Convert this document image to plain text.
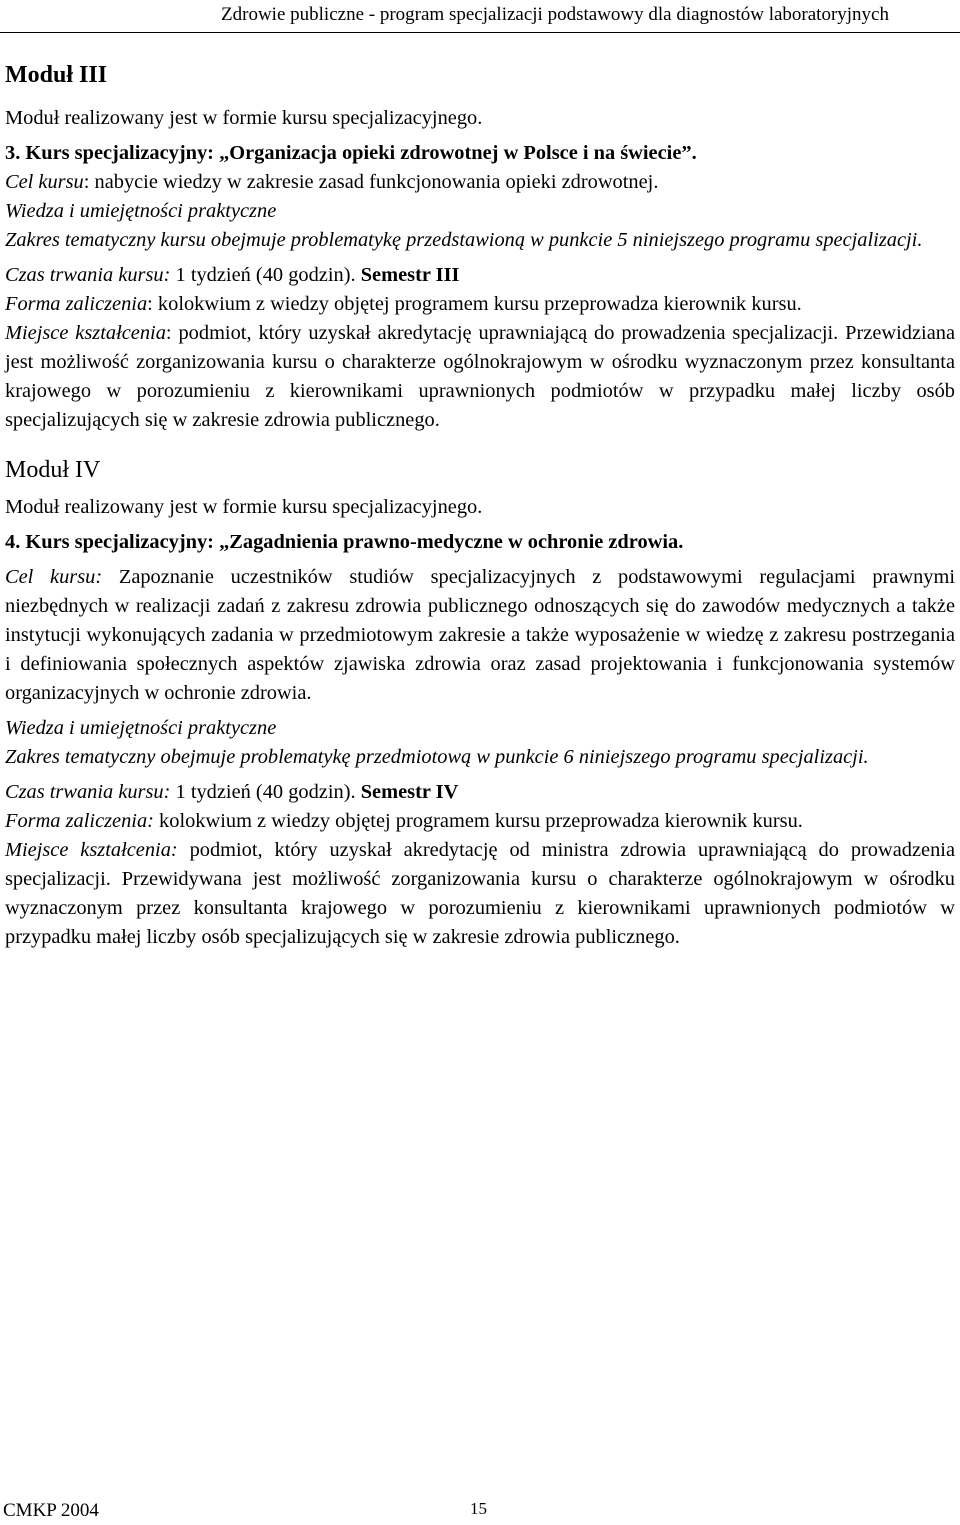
Zdrowie publiczne - program specjalizacji podstawowy dla diagnostów laboratoryjnych
Moduł III

Moduł realizowany jest w formie kursu specjalizacyjnego.

3. Kurs specjalizacyjny: „Organizacja opieki zdrowotnej w Polsce i na świecie”.

Cel kursu: nabycie wiedzy w zakresie zasad funkcjonowania opieki zdrowotnej.

Wiedza i umiejętności praktyczne

Zakres tematyczny kursu obejmuje problematykę przedstawioną w punkcie 5 niniejszego programu specjalizacji.

Czas trwania kursu: 1 tydzień (40 godzin). Semestr III

Forma zaliczenia: kolokwium z wiedzy objętej programem kursu przeprowadza kierownik kursu.

Miejsce kształcenia: podmiot, który uzyskał akredytację uprawniającą do prowadzenia specjalizacji. Przewidziana jest możliwość zorganizowania kursu o charakterze ogólnokrajowym w ośrodku wyznaczonym przez konsultanta krajowego w porozumieniu z kierownikami uprawnionych podmiotów w przypadku małej liczby osób specjalizujących się w zakresie zdrowia publicznego.

Moduł IV

Moduł realizowany jest w formie kursu specjalizacyjnego.

4. Kurs specjalizacyjny: „Zagadnienia prawno-medyczne w ochronie zdrowia.

Cel kursu: Zapoznanie uczestników studiów specjalizacyjnych z podstawowymi regulacjami prawnymi niezbędnych w realizacji zadań z zakresu zdrowia publicznego odnoszących się do zawodów medycznych a także instytucji wykonujących zadania w przedmiotowym zakresie a także wyposażenie w wiedzę z zakresu postrzegania i definiowania społecznych aspektów zjawiska zdrowia oraz zasad projektowania i funkcjonowania systemów organizacyjnych w ochronie zdrowia.

Wiedza i umiejętności praktyczne

Zakres tematyczny obejmuje problematykę przedmiotową w punkcie 6 niniejszego programu specjalizacji.

Czas trwania kursu: 1 tydzień (40 godzin). Semestr IV

Forma zaliczenia: kolokwium z wiedzy objętej programem kursu przeprowadza kierownik kursu.

Miejsce kształcenia: podmiot, który uzyskał akredytację od ministra zdrowia uprawniającą do prowadzenia specjalizacji. Przewidywana jest możliwość zorganizowania kursu o charakterze ogólnokrajowym w ośrodku wyznaczonym przez konsultanta krajowego w porozumieniu z kierownikami uprawnionych podmiotów w przypadku małej liczby osób specjalizujących się w zakresie zdrowia publicznego.

CMKP 2004	15
